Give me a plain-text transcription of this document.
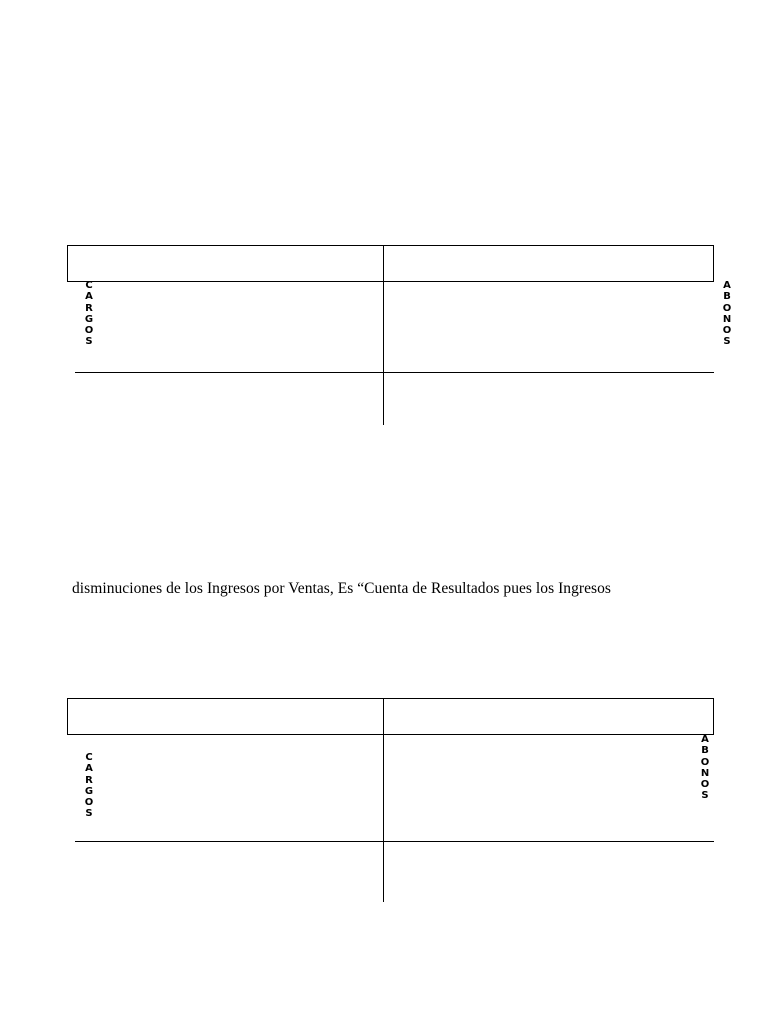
C
A
R
G
O
S
A
B
O
N
O
S
disminuciones de los Ingresos por Ventas, Es “Cuenta de Resultados pues los Ingresos
C
A
R
G
O
S
A
B
O
N
O
S
